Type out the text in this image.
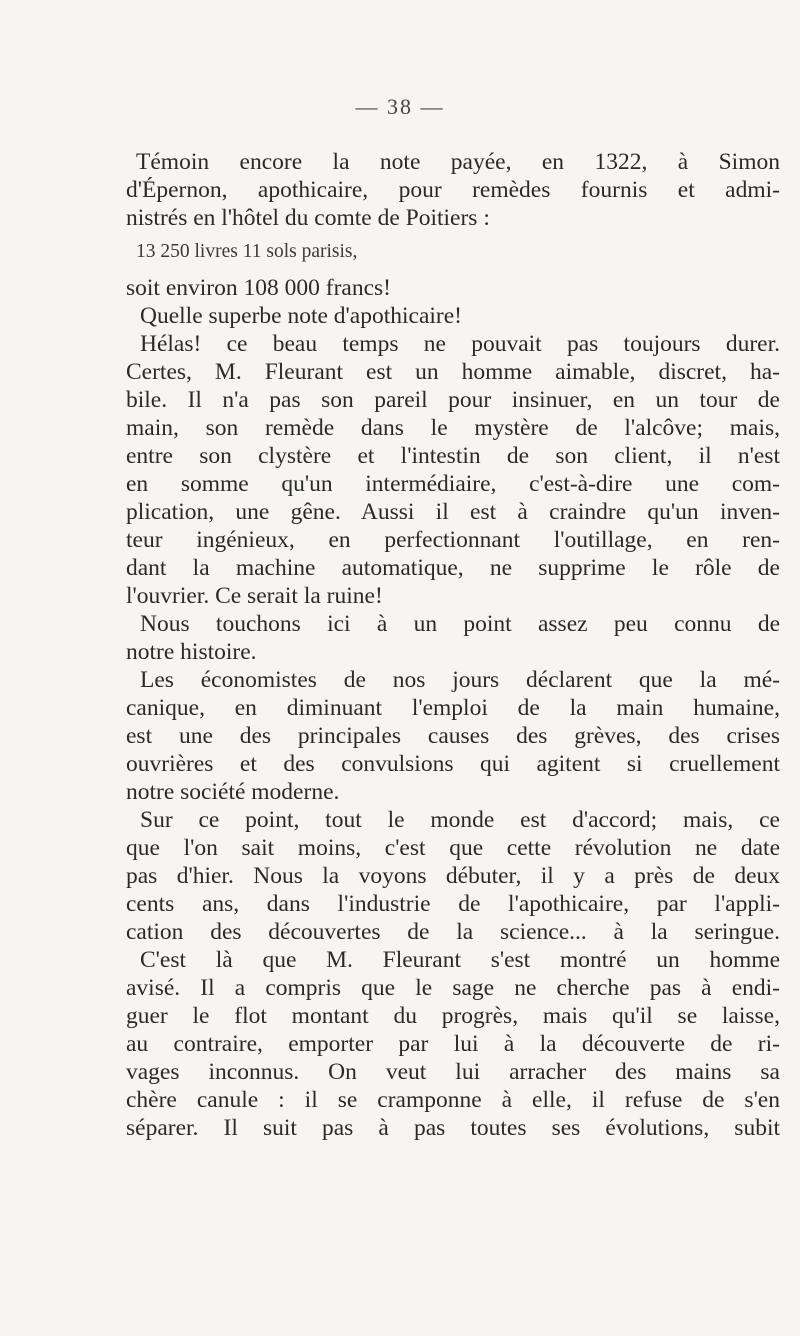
— 38 —
Témoin encore la note payée, en 1322, à Simon
d'Épernon, apothicaire, pour remèdes fournis et admi-
nistrés en l'hôtel du comte de Poitiers :
13 250 livres 11 sols parisis,
soit environ 108 000 francs!
Quelle superbe note d'apothicaire!
Hélas! ce beau temps ne pouvait pas toujours durer.
Certes, M. Fleurant est un homme aimable, discret, ha-
bile. Il n'a pas son pareil pour insinuer, en un tour de
main, son remède dans le mystère de l'alcôve; mais,
entre son clystère et l'intestin de son client, il n'est
en somme qu'un intermédiaire, c'est-à-dire une com-
plication, une gêne. Aussi il est à craindre qu'un inven-
teur ingénieux, en perfectionnant l'outillage, en ren-
dant la machine automatique, ne supprime le rôle de
l'ouvrier. Ce serait la ruine!
Nous touchons ici à un point assez peu connu de
notre histoire.
Les économistes de nos jours déclarent que la mé-
canique, en diminuant l'emploi de la main humaine,
est une des principales causes des grèves, des crises
ouvrières et des convulsions qui agitent si cruellement
notre société moderne.
Sur ce point, tout le monde est d'accord; mais, ce
que l'on sait moins, c'est que cette révolution ne date
pas d'hier. Nous la voyons débuter, il y a près de deux
cents ans, dans l'industrie de l'apothicaire, par l'appli-
cation des découvertes de la science... à la seringue.
C'est là que M. Fleurant s'est montré un homme
avisé. Il a compris que le sage ne cherche pas à endi-
guer le flot montant du progrès, mais qu'il se laisse,
au contraire, emporter par lui à la découverte de ri-
vages inconnus. On veut lui arracher des mains sa
chère canule : il se cramponne à elle, il refuse de s'en
séparer. Il suit pas à pas toutes ses évolutions, subit
